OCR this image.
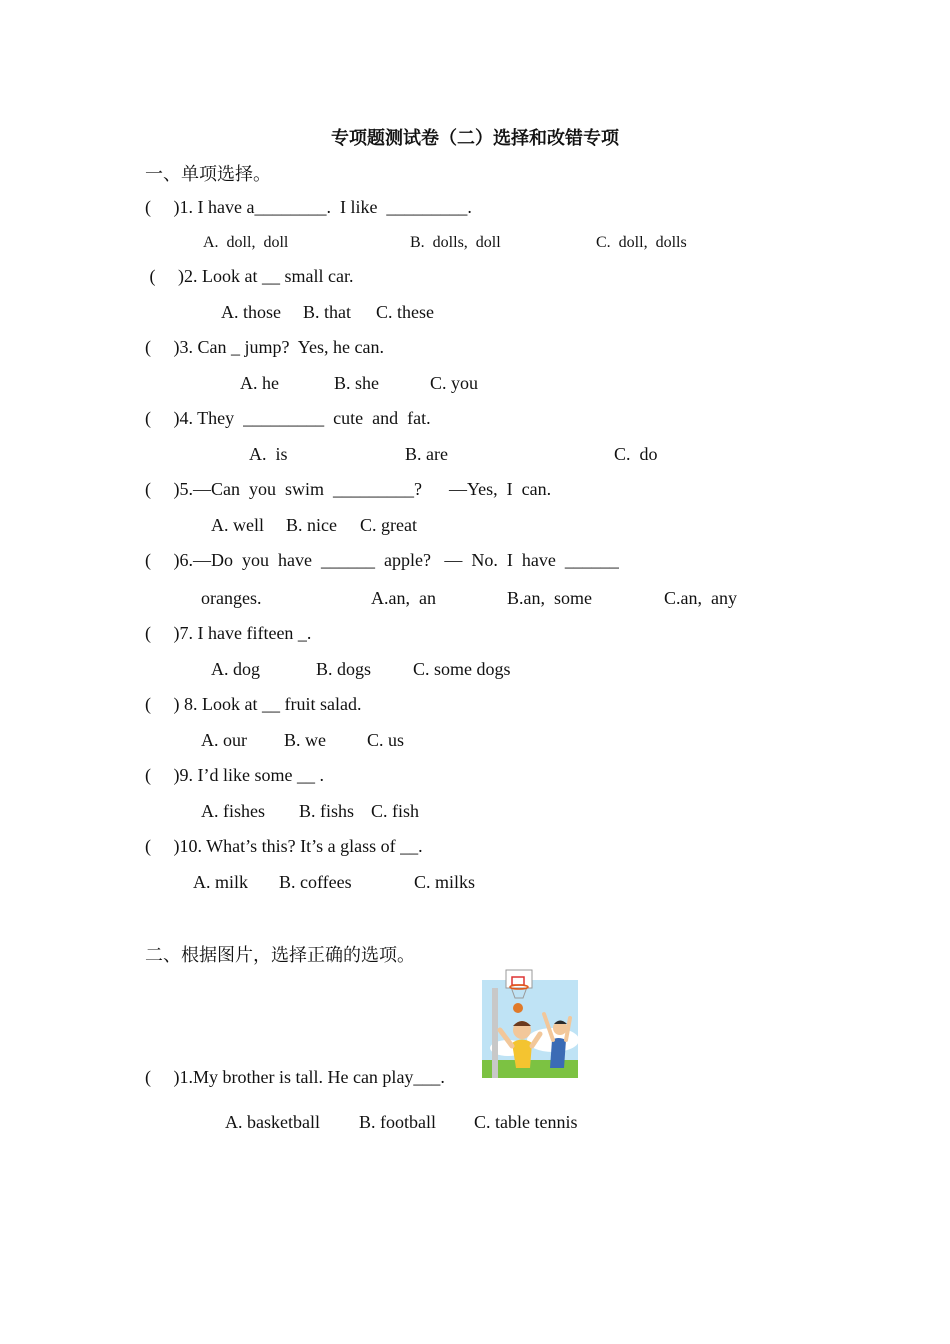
专项题测试卷（二）选择和改错专项
一、单项选择。
(     )1. I have a________.  I like  _________.
A.  doll,  doll	B.  dolls,  doll	C.  doll,  dolls
(     )2. Look at __ small car.
A. those B. that C. these
(     )3. Can _ jump?  Yes, he can.
A. he	B. she	C. you
(     )4. They  _________  cute  and  fat.
A.  is	B. are	C.  do
(     )5.—Can  you  swim  _________?      —Yes,  I  can.
A. well B. nice C. great
(     )6.—Do  you  have  ______  apple?   —  No.  I  have  ______
oranges.	A.an,  an	B.an,  some	C.an,  any
(     )7. I have fifteen _.
A. dog	B. dogs C. some dogs
(     ) 8. Look at __ fruit salad.
A. our B. we C. us
(     )9. I’d like some __ .
A. fishes B. fishs C. fish
(     )10. What’s this? It’s a glass of __.
A. milk B. coffees	C. milks
二、根据图片，选择正确的选项。
(     )1.My brother is tall. He can play___.
A. basketball B. football C. table tennis
